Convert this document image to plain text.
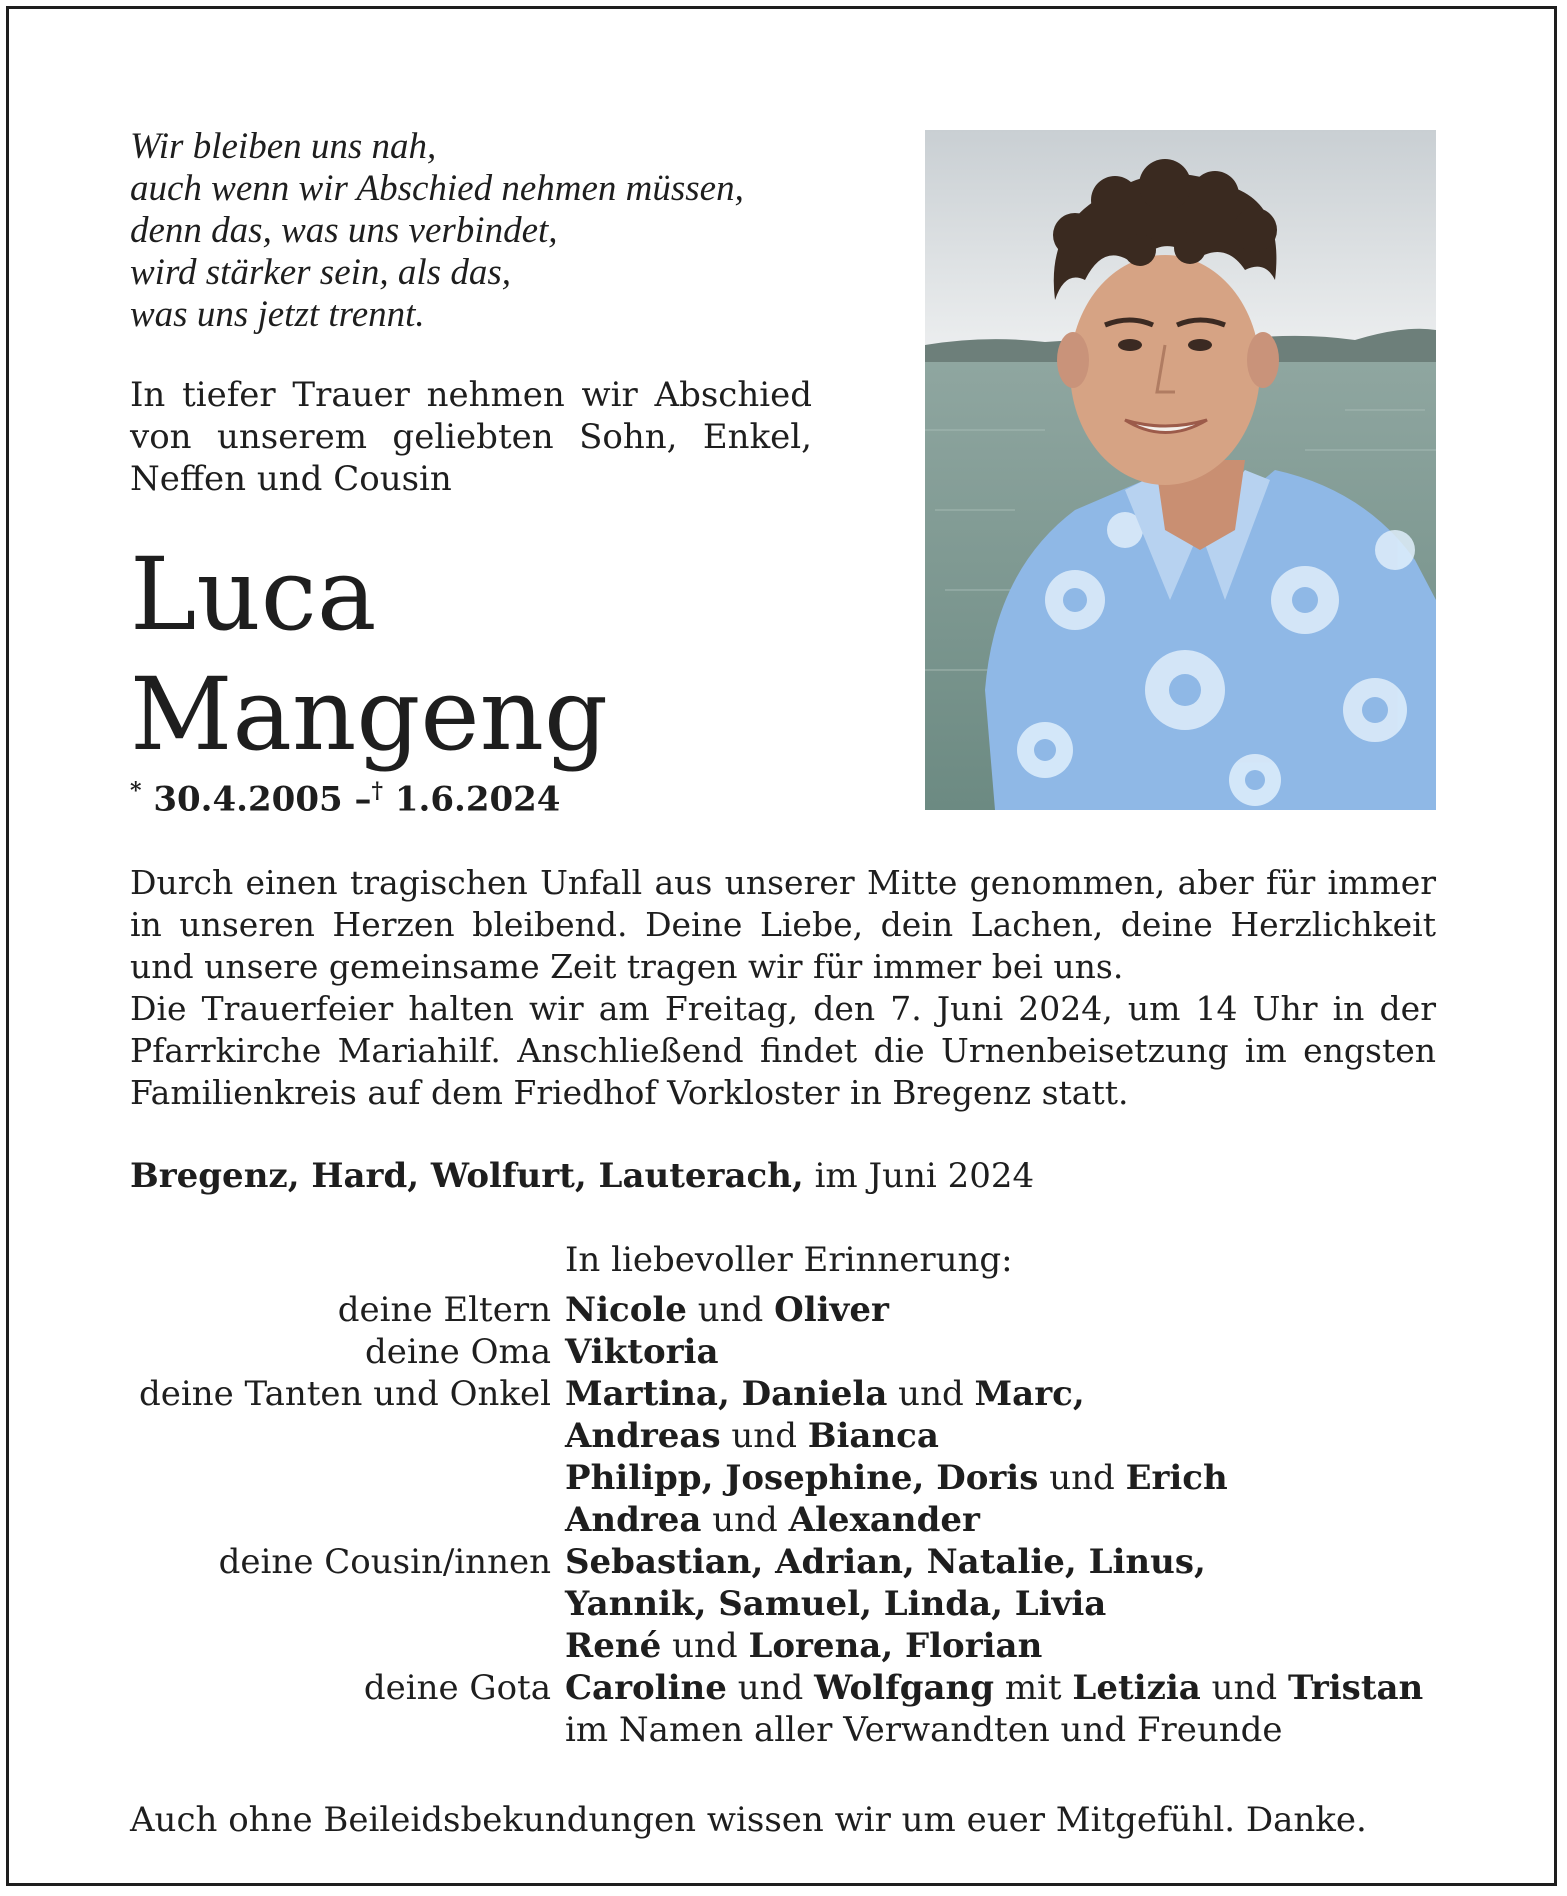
Wir bleiben uns nah,
auch wenn wir Abschied nehmen müssen,
denn das, was uns verbindet,
wird stärker sein, als das,
was uns jetzt trennt.
In tiefer Trauer nehmen wir Abschied
von unserem geliebten Sohn, Enkel,
Neffen und Cousin
Luca
Mangeng
* 30.4.2005 –† 1.6.2024
Durch einen tragischen Unfall aus unserer Mitte genommen, aber für immer
in unseren Herzen bleibend. Deine Liebe, dein Lachen, deine Herzlichkeit
und unsere gemeinsame Zeit tragen wir für immer bei uns.
Die Trauerfeier halten wir am Freitag, den 7. Juni 2024, um 14 Uhr in der
Pfarrkirche Mariahilf. Anschließend findet die Urnenbeisetzung im engsten
Familienkreis auf dem Friedhof Vorkloster in Bregenz statt.
Bregenz, Hard, Wolfurt, Lauterach, im Juni 2024
In liebevoller Erinnerung:
deine Eltern Nicole und Oliver
deine Oma Viktoria
deine Tanten und Onkel Martina, Daniela und Marc,
Andreas und Bianca
Philipp, Josephine, Doris und Erich
Andrea und Alexander
deine Cousin/innen Sebastian, Adrian, Natalie, Linus,
Yannik, Samuel, Linda, Livia
René und Lorena, Florian
deine Gota Caroline und Wolfgang mit Letizia und Tristan
im Namen aller Verwandten und Freunde
Auch ohne Beileidsbekundungen wissen wir um euer Mitgefühl. Danke.
